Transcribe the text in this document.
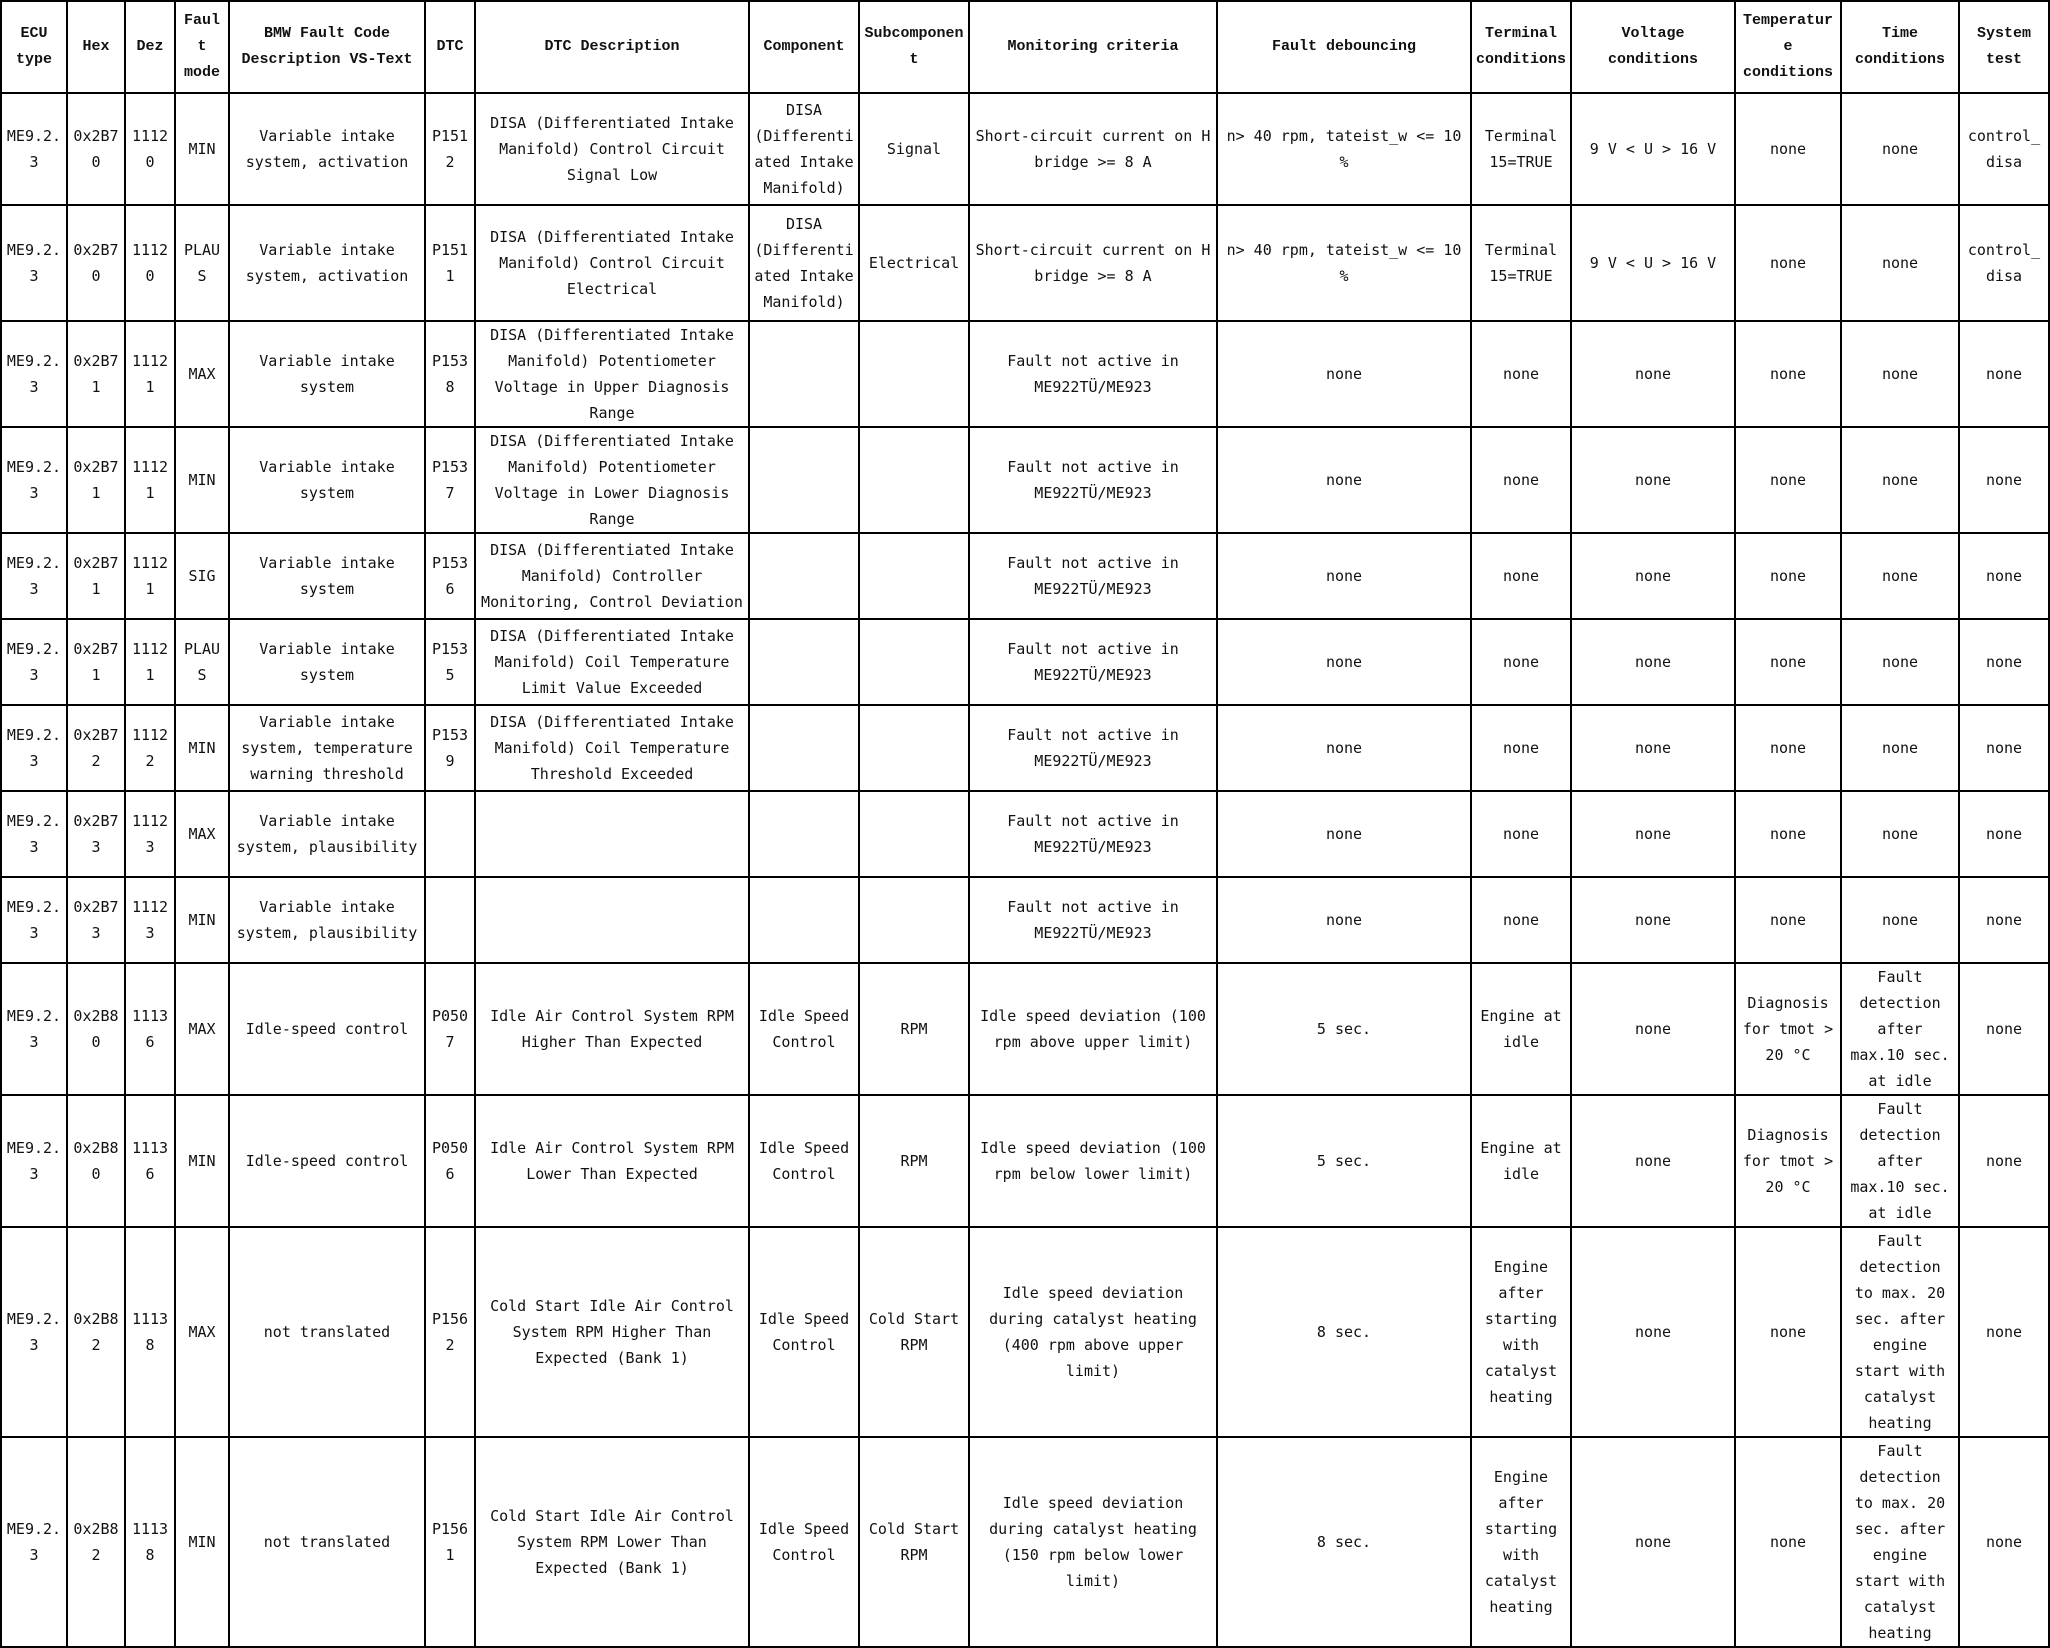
ECU type	Hex	Dez	Fault mode	BMW Fault Code Description VS-Text	DTC	DTC Description	Component	Subcomponent	Monitoring criteria	Fault debouncing	Terminal conditions	Voltage conditions	Temperature conditions	Time conditions	System test
ME9.2.3	0x2B70	11120	MIN	Variable intake system, activation	P1512	DISA (Differentiated Intake Manifold) Control Circuit Signal Low	DISA (Differentiated Intake Manifold)	Signal	Short-circuit current on H bridge >= 8 A	n> 40 rpm, tateist_w <= 10 %	Terminal 15=TRUE	9 V < U > 16 V	none	none	control_disa
ME9.2.3	0x2B70	11120	PLAUS	Variable intake system, activation	P1511	DISA (Differentiated Intake Manifold) Control Circuit Electrical	DISA (Differentiated Intake Manifold)	Electrical	Short-circuit current on H bridge >= 8 A	n> 40 rpm, tateist_w <= 10 %	Terminal 15=TRUE	9 V < U > 16 V	none	none	control_disa
ME9.2.3	0x2B71	11121	MAX	Variable intake system	P1538	DISA (Differentiated Intake Manifold) Potentiometer Voltage in Upper Diagnosis Range			Fault not active in ME922TÜ/ME923	none	none	none	none	none	none
ME9.2.3	0x2B71	11121	MIN	Variable intake system	P1537	DISA (Differentiated Intake Manifold) Potentiometer Voltage in Lower Diagnosis Range			Fault not active in ME922TÜ/ME923	none	none	none	none	none	none
ME9.2.3	0x2B71	11121	SIG	Variable intake system	P1536	DISA (Differentiated Intake Manifold) Controller Monitoring, Control Deviation			Fault not active in ME922TÜ/ME923	none	none	none	none	none	none
ME9.2.3	0x2B71	11121	PLAUS	Variable intake system	P1535	DISA (Differentiated Intake Manifold) Coil Temperature Limit Value Exceeded			Fault not active in ME922TÜ/ME923	none	none	none	none	none	none
ME9.2.3	0x2B72	11122	MIN	Variable intake system, temperature warning threshold	P1539	DISA (Differentiated Intake Manifold) Coil Temperature Threshold Exceeded			Fault not active in ME922TÜ/ME923	none	none	none	none	none	none
ME9.2.3	0x2B73	11123	MAX	Variable intake system, plausibility					Fault not active in ME922TÜ/ME923	none	none	none	none	none	none
ME9.2.3	0x2B73	11123	MIN	Variable intake system, plausibility					Fault not active in ME922TÜ/ME923	none	none	none	none	none	none
ME9.2.3	0x2B80	11136	MAX	Idle-speed control	P0507	Idle Air Control System RPM Higher Than Expected	Idle Speed Control	RPM	Idle speed deviation (100 rpm above upper limit)	5 sec.	Engine at idle	none	Diagnosis for tmot > 20 °C	Fault detection after max.10 sec. at idle	none
ME9.2.3	0x2B80	11136	MIN	Idle-speed control	P0506	Idle Air Control System RPM Lower Than Expected	Idle Speed Control	RPM	Idle speed deviation (100 rpm below lower limit)	5 sec.	Engine at idle	none	Diagnosis for tmot > 20 °C	Fault detection after max.10 sec. at idle	none
ME9.2.3	0x2B82	11138	MAX	not translated	P1562	Cold Start Idle Air Control System RPM Higher Than Expected (Bank 1)	Idle Speed Control	Cold Start RPM	Idle speed deviation during catalyst heating (400 rpm above upper limit)	8 sec.	Engine after starting with catalyst heating	none	none	Fault detection to max. 20 sec. after engine start with catalyst heating	none
ME9.2.3	0x2B82	11138	MIN	not translated	P1561	Cold Start Idle Air Control System RPM Lower Than Expected (Bank 1)	Idle Speed Control	Cold Start RPM	Idle speed deviation during catalyst heating (150 rpm below lower limit)	8 sec.	Engine after starting with catalyst heating	none	none	Fault detection to max. 20 sec. after engine start with catalyst heating	none
